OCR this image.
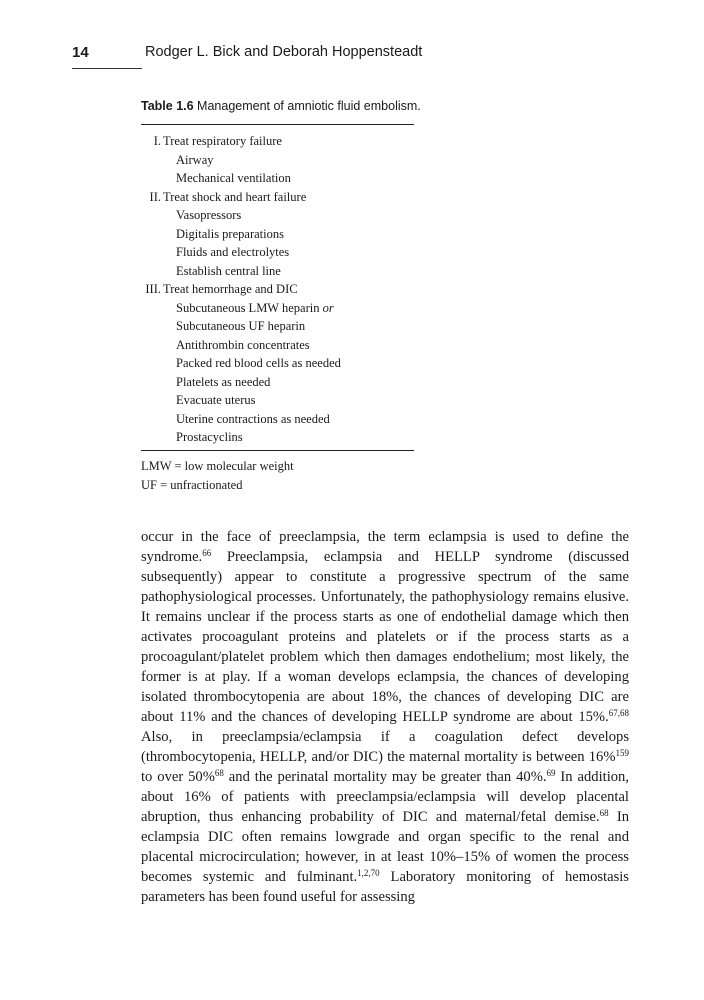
14	Rodger L. Bick and Deborah Hoppensteadt
Table 1.6 Management of amniotic fluid embolism.
I. Treat respiratory failure
Airway
Mechanical ventilation
II. Treat shock and heart failure
Vasopressors
Digitalis preparations
Fluids and electrolytes
Establish central line
III. Treat hemorrhage and DIC
Subcutaneous LMW heparin or
Subcutaneous UF heparin
Antithrombin concentrates
Packed red blood cells as needed
Platelets as needed
Evacuate uterus
Uterine contractions as needed
Prostacyclins
LMW = low molecular weight
UF = unfractionated
occur in the face of preeclampsia, the term eclampsia is used to define the syndrome.$^{66}$ Preeclampsia, eclampsia and HELLP syndrome (discussed subsequently) appear to constitute a progressive spectrum of the same pathophysiological processes. Unfortunately, the pathophysiology remains elusive. It remains unclear if the process starts as one of endothelial damage which then activates procoagulant proteins and platelets or if the process starts as a procoagulant/platelet problem which then damages endothelium; most likely, the former is at play. If a woman develops eclampsia, the chances of developing isolated thrombocytopenia are about 18%, the chances of developing DIC are about 11% and the chances of developing HELLP syndrome are about 15%.$^{67,68}$ Also, in preeclampsia/eclampsia if a coagulation defect develops (thrombocytopenia, HELLP, and/or DIC) the maternal mortality is between 16%$^{159}$ to over 50%$^{68}$ and the perinatal mortality may be greater than 40%.$^{69}$ In addition, about 16% of patients with preeclampsia/eclampsia will develop placental abruption, thus enhancing probability of DIC and maternal/fetal demise.$^{68}$ In eclampsia DIC often remains lowgrade and organ specific to the renal and placental microcirculation; however, in at least 10%–15% of women the process becomes systemic and fulminant.$^{1,2,70}$ Laboratory monitoring of hemostasis parameters has been found useful for assessing
